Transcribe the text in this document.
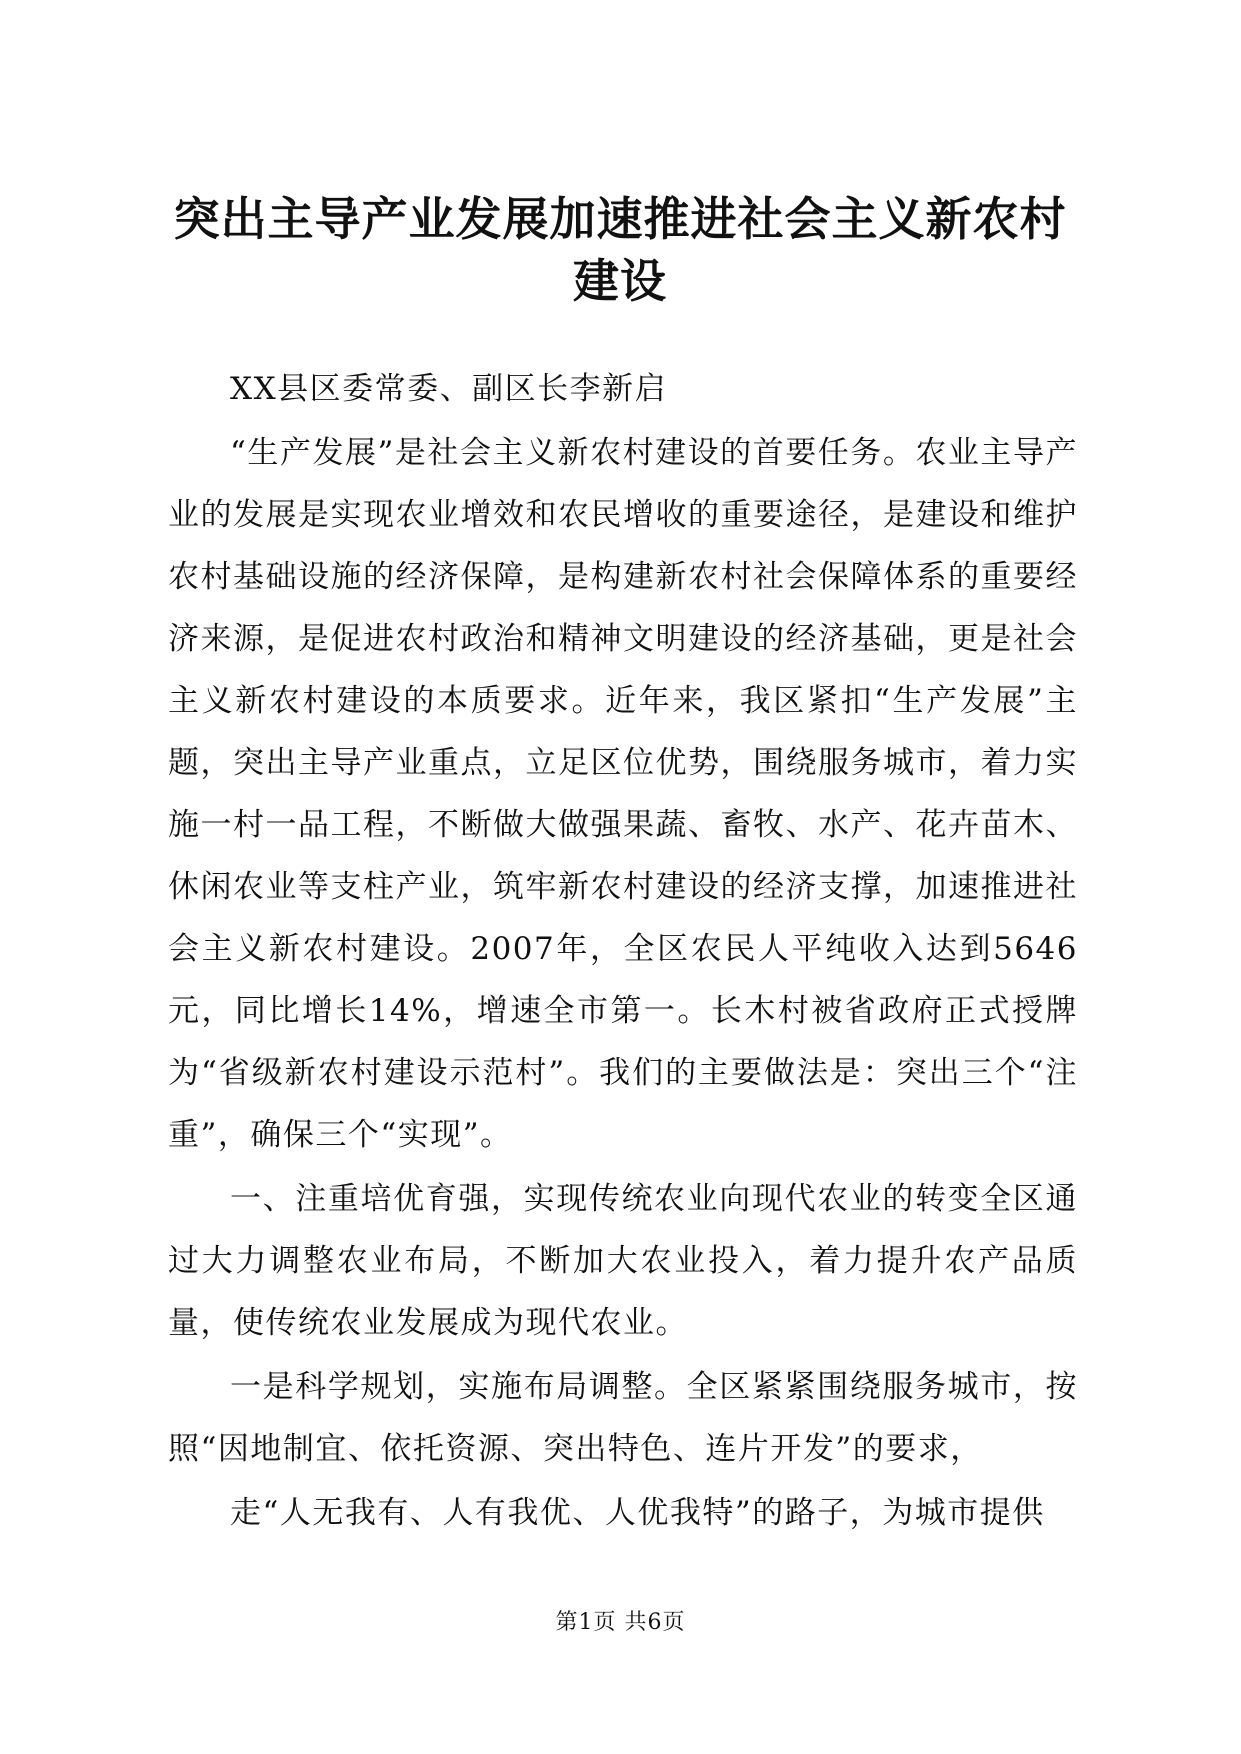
突出主导产业发展加速推进社会主义新农村建设

XX县区委常委、副区长李新启

“生产发展”是社会主义新农村建设的首要任务。农业主导产业的发展是实现农业增效和农民增收的重要途径，是建设和维护农村基础设施的经济保障，是构建新农村社会保障体系的重要经济来源，是促进农村政治和精神文明建设的经济基础，更是社会主义新农村建设的本质要求。近年来，我区紧扣“生产发展”主题，突出主导产业重点，立足区位优势，围绕服务城市，着力实施一村一品工程，不断做大做强果蔬、畜牧、水产、花卉苗木、休闲农业等支柱产业，筑牢新农村建设的经济支撑，加速推进社会主义新农村建设。2007年，全区农民人平纯收入达到5646元，同比增长14%，增速全市第一。长木村被省政府正式授牌为“省级新农村建设示范村”。我们的主要做法是：突出三个“注重”，确保三个“实现”。

一、注重培优育强，实现传统农业向现代农业的转变全区通过大力调整农业布局，不断加大农业投入，着力提升农产品质量，使传统农业发展成为现代农业。

一是科学规划，实施布局调整。全区紧紧围绕服务城市，按照“因地制宜、依托资源、突出特色、连片开发”的要求，

走“人无我有、人有我优、人优我特”的路子，为城市提供

第1页 共6页
